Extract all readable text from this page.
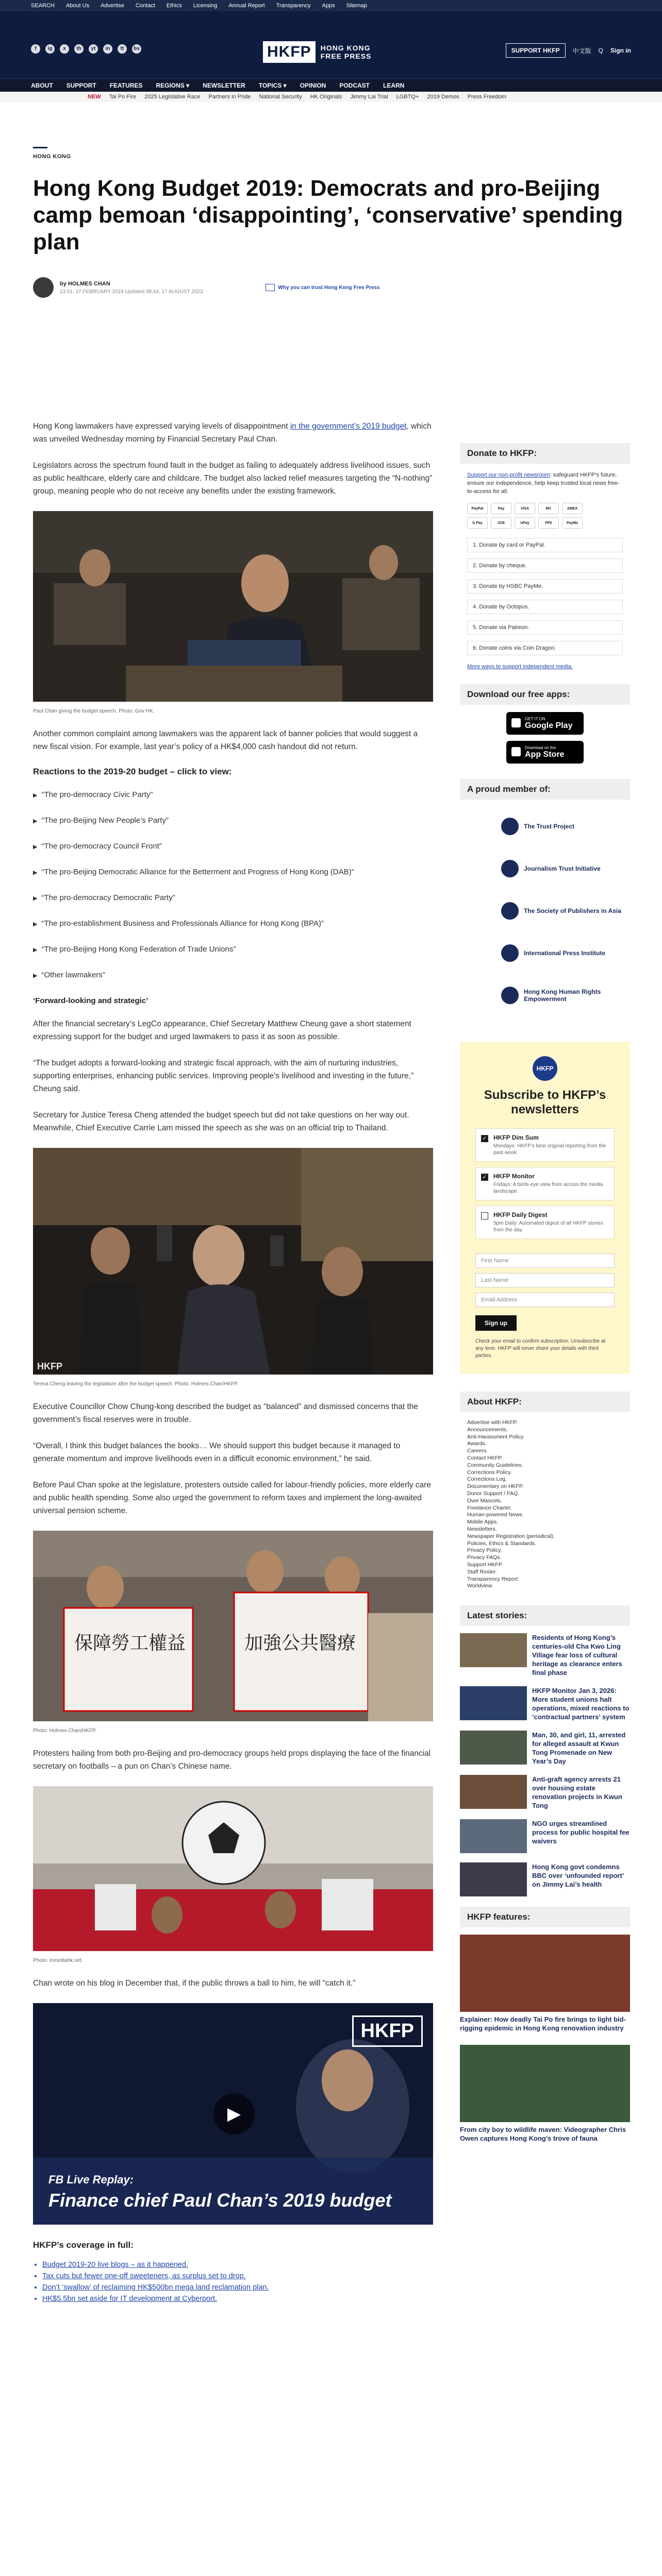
SEARCH About Us Advertise Contact Ethics Licensing Annual Report Transparency Apps Sitemap
f	ig	x	th	yt	in	tt	bs	HKFP	HONG KONG
FREE PRESS
SUPPORT HKFP	中文版 Q Sign in
ABOUT SUPPORT FEATURES REGIONS ▾ NEWSLETTER TOPICS ▾ OPINION PODCAST LEARN
NEW Tai Po Fire 2025 Legislative Race Partners in Pride National Security HK Originals Jimmy Lai Trial LGBTQ+ 2019 Demos Press Freedom
HONG KONG
Hong Kong Budget 2019: Democrats and pro-Beijing camp bemoan ‘disappointing’, ‘conservative’ spending plan
by HOLMES CHAN
23:51, 27 FEBRUARY 2019 Updated 08:44, 17 AUGUST 2023
Why you can trust Hong Kong Free Press

Hong Kong lawmakers have expressed varying levels of disappointment in the government’s 2019 budget, which was unveiled Wednesday morning by Financial Secretary Paul Chan.

Legislators across the spectrum found fault in the budget as failing to adequately address livelihood issues, such as public healthcare, elderly care and childcare. The budget also lacked relief measures targeting the “N-nothing” group, meaning people who do not receive any benefits under the existing framework.

Paul Chan giving the budget speech. Photo: Gov HK.

Another common complaint among lawmakers was the apparent lack of banner policies that would suggest a new fiscal vision. For example, last year’s policy of a HK$4,000 cash handout did not return.

Reactions to the 2019-20 budget – click to view:
▶ “The pro-democracy Civic Party”
▶ “The pro-Beijing New People’s Party”
▶ “The pro-democracy Council Front”
▶ “The pro-Beijing Democratic Alliance for the Betterment and Progress of Hong Kong (DAB)”
▶ “The pro-democracy Democratic Party”
▶ “The pro-establishment Business and Professionals Alliance for Hong Kong (BPA)”
▶ “The pro-Beijing Hong Kong Federation of Trade Unions”
▶ “Other lawmakers”
‘Forward-looking and strategic’

After the financial secretary’s LegCo appearance, Chief Secretary Matthew Cheung gave a short statement expressing support for the budget and urged lawmakers to pass it as soon as possible.

“The budget adopts a forward-looking and strategic fiscal approach, with the aim of nurturing industries, supporting enterprises, enhancing public services. Improving people’s livelihood and investing in the future,” Cheung said.

Secretary for Justice Teresa Cheng attended the budget speech but did not take questions on her way out. Meanwhile, Chief Executive Carrie Lam missed the speech as she was on an official trip to Thailand.

HKFP
Teresa Cheng leaving the legislature after the budget speech. Photo: Holmes Chan/HKFP.

Executive Councillor Chow Chung-kong described the budget as “balanced” and dismissed concerns that the government’s fiscal reserves were in trouble.

“Overall, I think this budget balances the books… We should support this budget because it managed to generate momentum and improve livelihoods even in a difficult economic environment,” he said.

Before Paul Chan spoke at the legislature, protesters outside called for labour-friendly policies, more elderly care and public health spending. Some also urged the government to reform taxes and implement the long-awaited universal pension scheme.

保障勞工權益	加強公共醫療
Photo: Holmes Chan/HKFP.

Protesters hailing from both pro-Beijing and pro-democracy groups held props displaying the face of the financial secretary on footballs – a pun on Chan’s Chinese name.

Photo: inmediahk.net.

Chan wrote on his blog in December that, if the public throws a ball to him, he will “catch it.”

HKFP
▶
FB Live Replay:
Finance chief Paul Chan’s 2019 budget
HKFP’s coverage in full:
• Budget 2019-20 live blogs – as it happened.
• Tax cuts but fewer one-off sweeteners, as surplus set to drop.
• Don’t ‘swallow’ of reclaiming HK$500bn mega land reclamation plan.
• HK$5.5bn set aside for IT development at Cyberport.
Donate to HKFP:
Support our non-profit newsroom: safeguard HKFP’s future, ensure our independence, help keep trusted local news free-to-access for all.
PayPal	Pay	VISA	MC	AMEX
G Pay	JCB	UPay	FPS	PayMe
1. Donate by card or PayPal.
2. Donate by cheque.
3. Donate by HSBC PayMe.
4. Donate by Octopus.
5. Donate via Patreon.
6. Donate coins via Coin Dragon.
More ways to support independent media.
Download our free apps:
GET IT ON
Google Play
Download on the
App Store
A proud member of:
The Trust Project
Journalism Trust Initiative
The Society of Publishers in Asia
International Press Institute
Hong Kong Human Rights Empowerment
HKFP
Subscribe to HKFP’s newsletters
✓ HKFP Dim Sum
Mondays: HKFP’s best original reporting from the past week.
✓ HKFP Monitor
Fridays: A birds-eye view from across the media landscape.
HKFP Daily Digest
5pm Daily: Automated digest of all HKFP stories from the day.
First Name
Last Name
Email Address
Sign up
Check your email to confirm subscription. Unsubscribe at any time. HKFP will never share your details with third parties.
About HKFP:
Advertise with HKFP.
Announcements.
Anti-Harassment Policy.
Awards.
Careers.
Contact HKFP.
Community Guidelines.
Corrections Policy.
Corrections Log.
Documentary on HKFP.
Donor Support / FAQ.
Over Mascots.
Freelance Charter.
Human-powered News.
Mobile Apps.
Newsletters.
Newspaper Registration (periodical).
Policies, Ethics & Standards.
Privacy Policy.
Privacy FAQs.
Support HKFP.
Staff Roster.
Transparency Report.
Worldview.
Latest stories:
Residents of Hong Kong’s centuries-old Cha Kwo Ling Village fear loss of cultural heritage as clearance enters final phase
HKFP Monitor Jan 3, 2026: More student unions halt operations, mixed reactions to ‘contractual partners’ system
Man, 30, and girl, 11, arrested for alleged assault at Kwun Tong Promenade on New Year’s Day
Anti-graft agency arrests 21 over housing estate renovation projects in Kwun Tong
NGO urges streamlined process for public hospital fee waivers
Hong Kong govt condemns BBC over ‘unfounded report’ on Jimmy Lai’s health
HKFP features:
Explainer: How deadly Tai Po fire brings to light bid-rigging epidemic in Hong Kong renovation industry
From city boy to wildlife maven: Videographer Chris Owen captures Hong Kong’s trove of fauna
